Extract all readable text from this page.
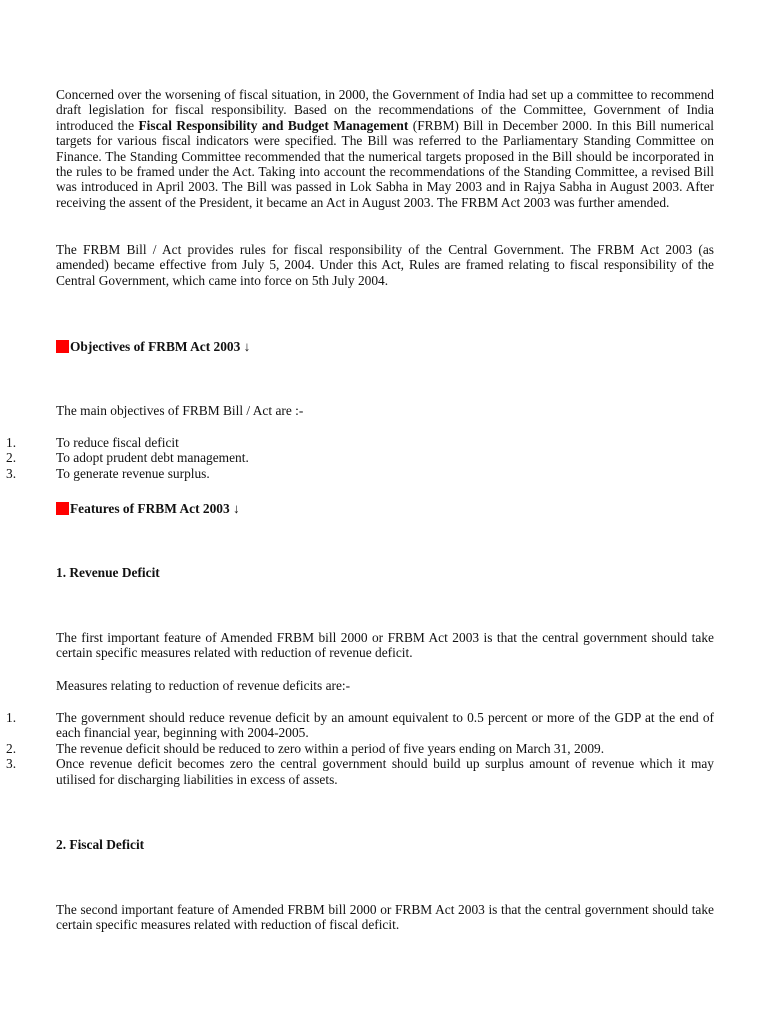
Concerned over the worsening of fiscal situation, in 2000, the Government of India had set up a committee to recommend draft legislation for fiscal responsibility. Based on the recommendations of the Committee, Government of India introduced the Fiscal Responsibility and Budget Management (FRBM) Bill in December 2000. In this Bill numerical targets for various fiscal indicators were specified. The Bill was referred to the Parliamentary Standing Committee on Finance. The Standing Committee recommended that the numerical targets proposed in the Bill should be incorporated in the rules to be framed under the Act. Taking into account the recommendations of the Standing Committee, a revised Bill was introduced in April 2003. The Bill was passed in Lok Sabha in May 2003 and in Rajya Sabha in August 2003. After receiving the assent of the President, it became an Act in August 2003. The FRBM Act 2003 was further amended.

The FRBM Bill / Act provides rules for fiscal responsibility of the Central Government. The FRBM Act 2003 (as amended) became effective from July 5, 2004. Under this Act, Rules are framed relating to fiscal responsibility of the Central Government, which came into force on 5th July 2004.

Objectives of FRBM Act 2003 ↓

The main objectives of FRBM Bill / Act are :-

1.	To reduce fiscal deficit
2.	To adopt prudent debt management.
3.	To generate revenue surplus.
Features of FRBM Act 2003 ↓

1. Revenue Deficit

The first important feature of Amended FRBM bill 2000 or FRBM Act 2003 is that the central government should take certain specific measures related with reduction of revenue deficit.

Measures relating to reduction of revenue deficits are:-

1.	The government should reduce revenue deficit by an amount equivalent to 0.5 percent or more of the GDP at the end of each financial year, beginning with 2004-2005.
2.	The revenue deficit should be reduced to zero within a period of five years ending on March 31, 2009.
3.	Once revenue deficit becomes zero the central government should build up surplus amount of revenue which it may utilised for discharging liabilities in excess of assets.

2. Fiscal Deficit

The second important feature of Amended FRBM bill 2000 or FRBM Act 2003 is that the central government should take certain specific measures related with reduction of fiscal deficit.
